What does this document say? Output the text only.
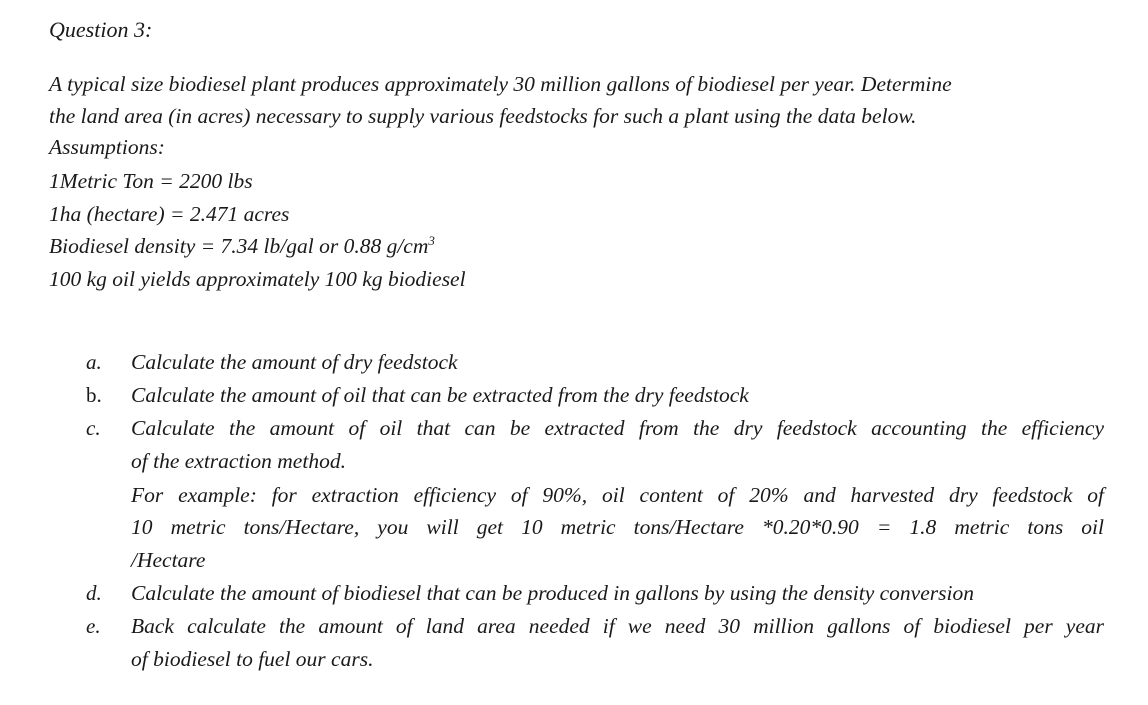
Question 3:
A typical size biodiesel plant produces approximately 30 million gallons of biodiesel per year. Determine
the land area (in acres) necessary to supply various feedstocks for such a plant using the data below.
Assumptions:
1Metric Ton = 2200 lbs
1ha (hectare) = 2.471 acres
Biodiesel density = 7.34 lb/gal or 0.88 $g/cm^3$
100 kg oil yields approximately 100 kg biodiesel
a. Calculate the amount of dry feedstock
b. Calculate the amount of oil that can be extracted from the dry feedstock
c. Calculate the amount of oil that can be extracted from the dry feedstock accounting the efficiency
of the extraction method.
For example: for extraction efficiency of 90%, oil content of 20% and harvested dry feedstock of
10 metric tons/Hectare, you will get 10 metric tons/Hectare *0.20*0.90 = 1.8 metric tons oil
/Hectare
d. Calculate the amount of biodiesel that can be produced in gallons by using the density conversion
e. Back calculate the amount of land area needed if we need 30 million gallons of biodiesel per year
of biodiesel to fuel our cars.
